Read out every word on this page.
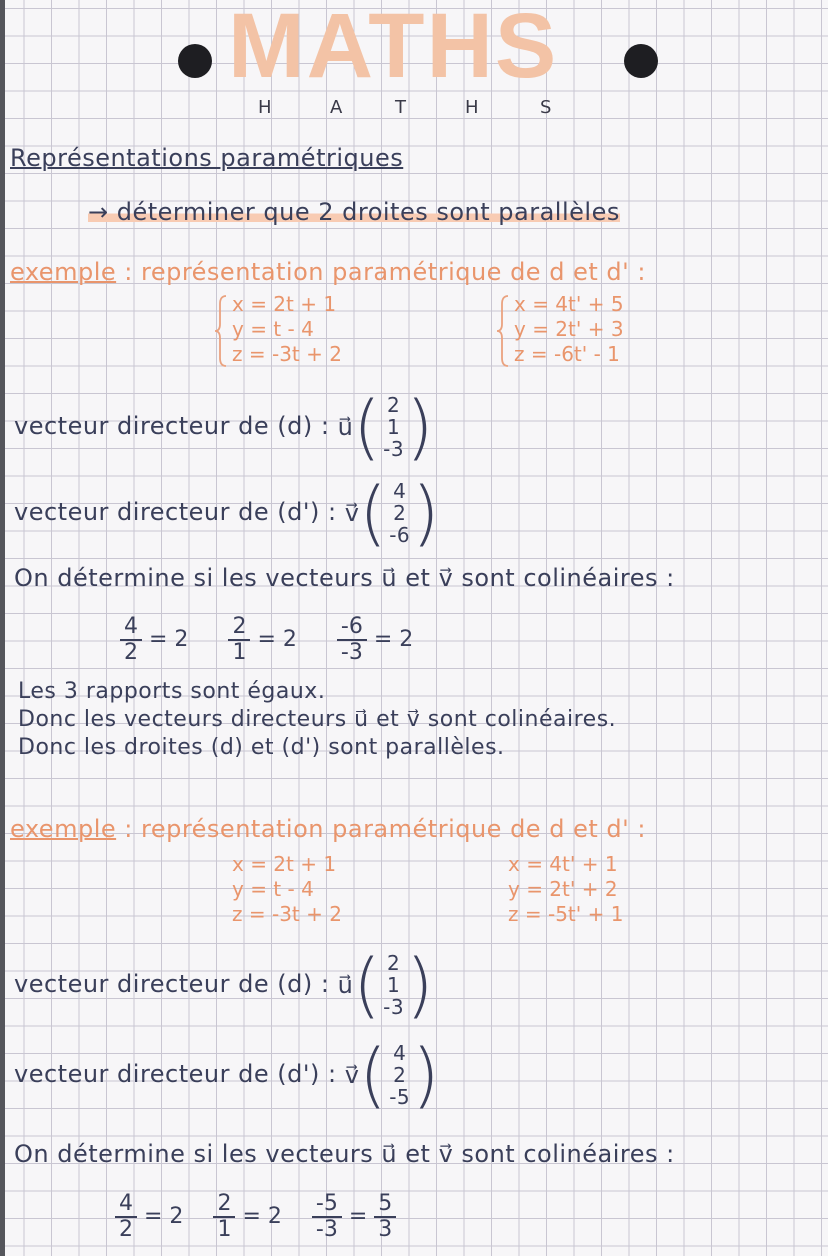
MATHS
H	A	T	H	S
Représentations paramétriques
→ déterminer que 2 droites sont parallèles
exemple : représentation paramétrique de d et d' :
x = 2t + 1
y = t - 4
z = -3t + 2
x = 4t' + 5
y = 2t' + 3
z = -6t' - 1
vecteur directeur de (d) : u⃗ ( 2
1
-3 )
vecteur directeur de (d') : v⃗ ( 4
2
-6 )
On détermine si les vecteurs u⃗ et v⃗ sont colinéaires :
$\frac{4}{2} = 2 \frac{2}{1} = 2 \frac{-6}{-3} = 2$
Les 3 rapports sont égaux.
Donc les vecteurs directeurs u⃗ et v⃗ sont colinéaires.
Donc les droites (d) et (d') sont parallèles.
exemple : représentation paramétrique de d et d' :
x = 2t + 1
y = t - 4
z = -3t + 2
x = 4t' + 1
y = 2t' + 2
z = -5t' + 1
vecteur directeur de (d) : u⃗ ( 2
1
-3 )
vecteur directeur de (d') : v⃗ ( 4
2
-5 )
On détermine si les vecteurs u⃗ et v⃗ sont colinéaires :
$\frac{4}{2} = 2 \frac{2}{1} = 2 \frac{-5}{-3} = \frac{5}{3}$
